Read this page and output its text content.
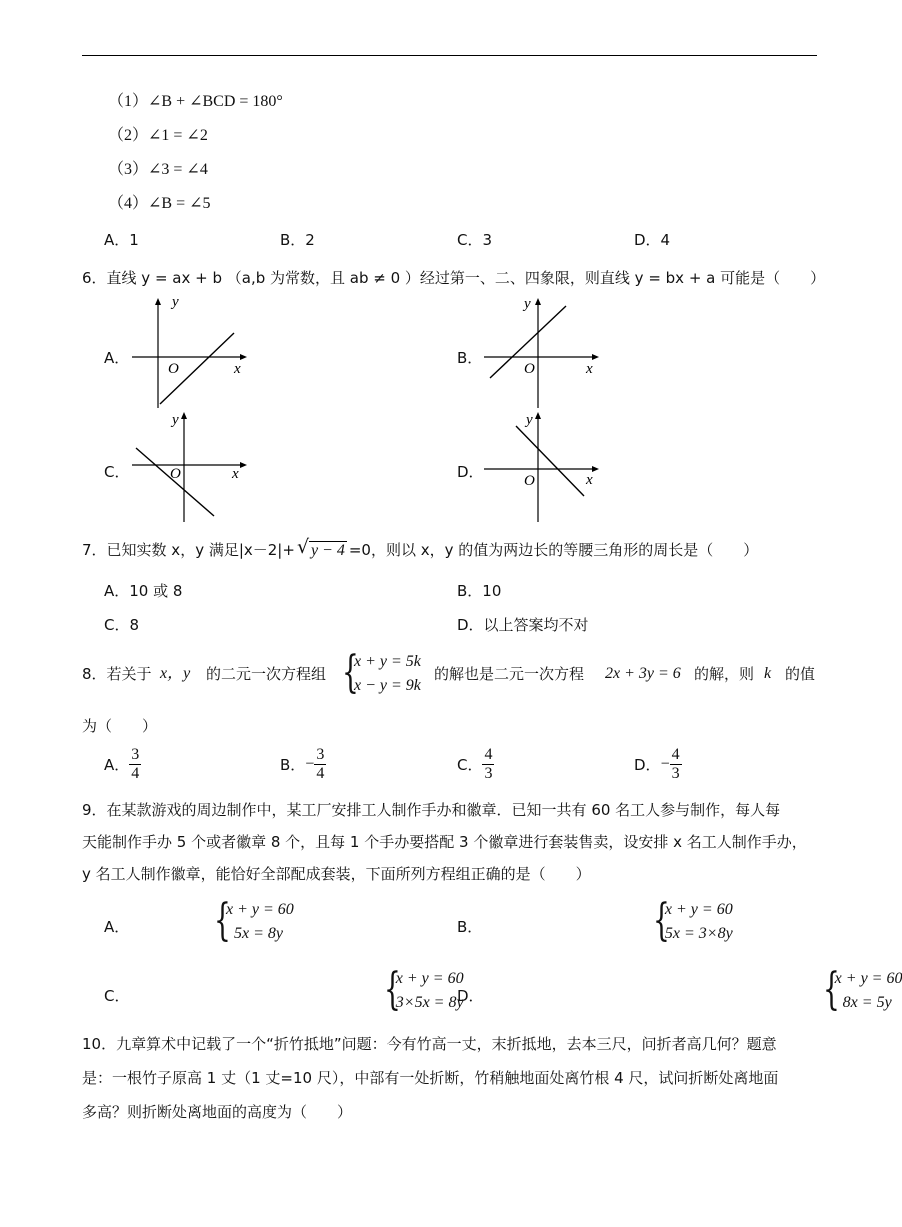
（1）∠B + ∠BCD = 180°
（2）∠1 = ∠2
（3）∠3 = ∠4
（4）∠B = ∠5
A．1	B．2	C．3	D．4
6．直线 y = ax + b （a,b 为常数，且 ab ≠ 0 ）经过第一、二、四象限，则直线 y = bx + a 可能是（　　）
A．
y
x
O
B．
y
x
O
C．
y
x
O	D．
y
x
O
7．已知实数 x，y 满足|x－2|+ √ y − 4 =0，则以 x，y 的值为两边长的等腰三角形的周长是（　　）
A．10 或 8	B．10
C．8	D．以上答案均不对
8．若关于 x，y 的二元一次方程组 {
x + y = 5k
x − y = 9k

的解也是二元一次方程 2x + 3y = 6 的解，则 k 的值
为（　　）
A． $\frac{3}{4}$	B．− $\frac{3}{4}$	C． $\frac{4}{3}$	D．− $\frac{4}{3}$
9．在某款游戏的周边制作中，某工厂安排工人制作手办和徽章．已知一共有 60 名工人参与制作，每人每
天能制作手办 5 个或者徽章 8 个，且每 1 个手办要搭配 3 个徽章进行套装售卖，设安排 x 名工人制作手办，
y 名工人制作徽章，能恰好全部配成套装，下面所列方程组正确的是（　　）
A． {
x + y = 60
5x = 8y
	B．	{
x + y = 60
5x = 3×8y

C．	{
x + y = 60
3×5x = 8y

D．	{
x + y = 60
8x = 5y
10．九章算术中记载了一个“折竹抵地”问题：今有竹高一丈，末折抵地，去本三尺，问折者高几何？题意
是：一根竹子原高 1 丈（1 丈=10 尺），中部有一处折断，竹稍触地面处离竹根 4 尺，试问折断处离地面
多高？则折断处离地面的高度为（　　）
